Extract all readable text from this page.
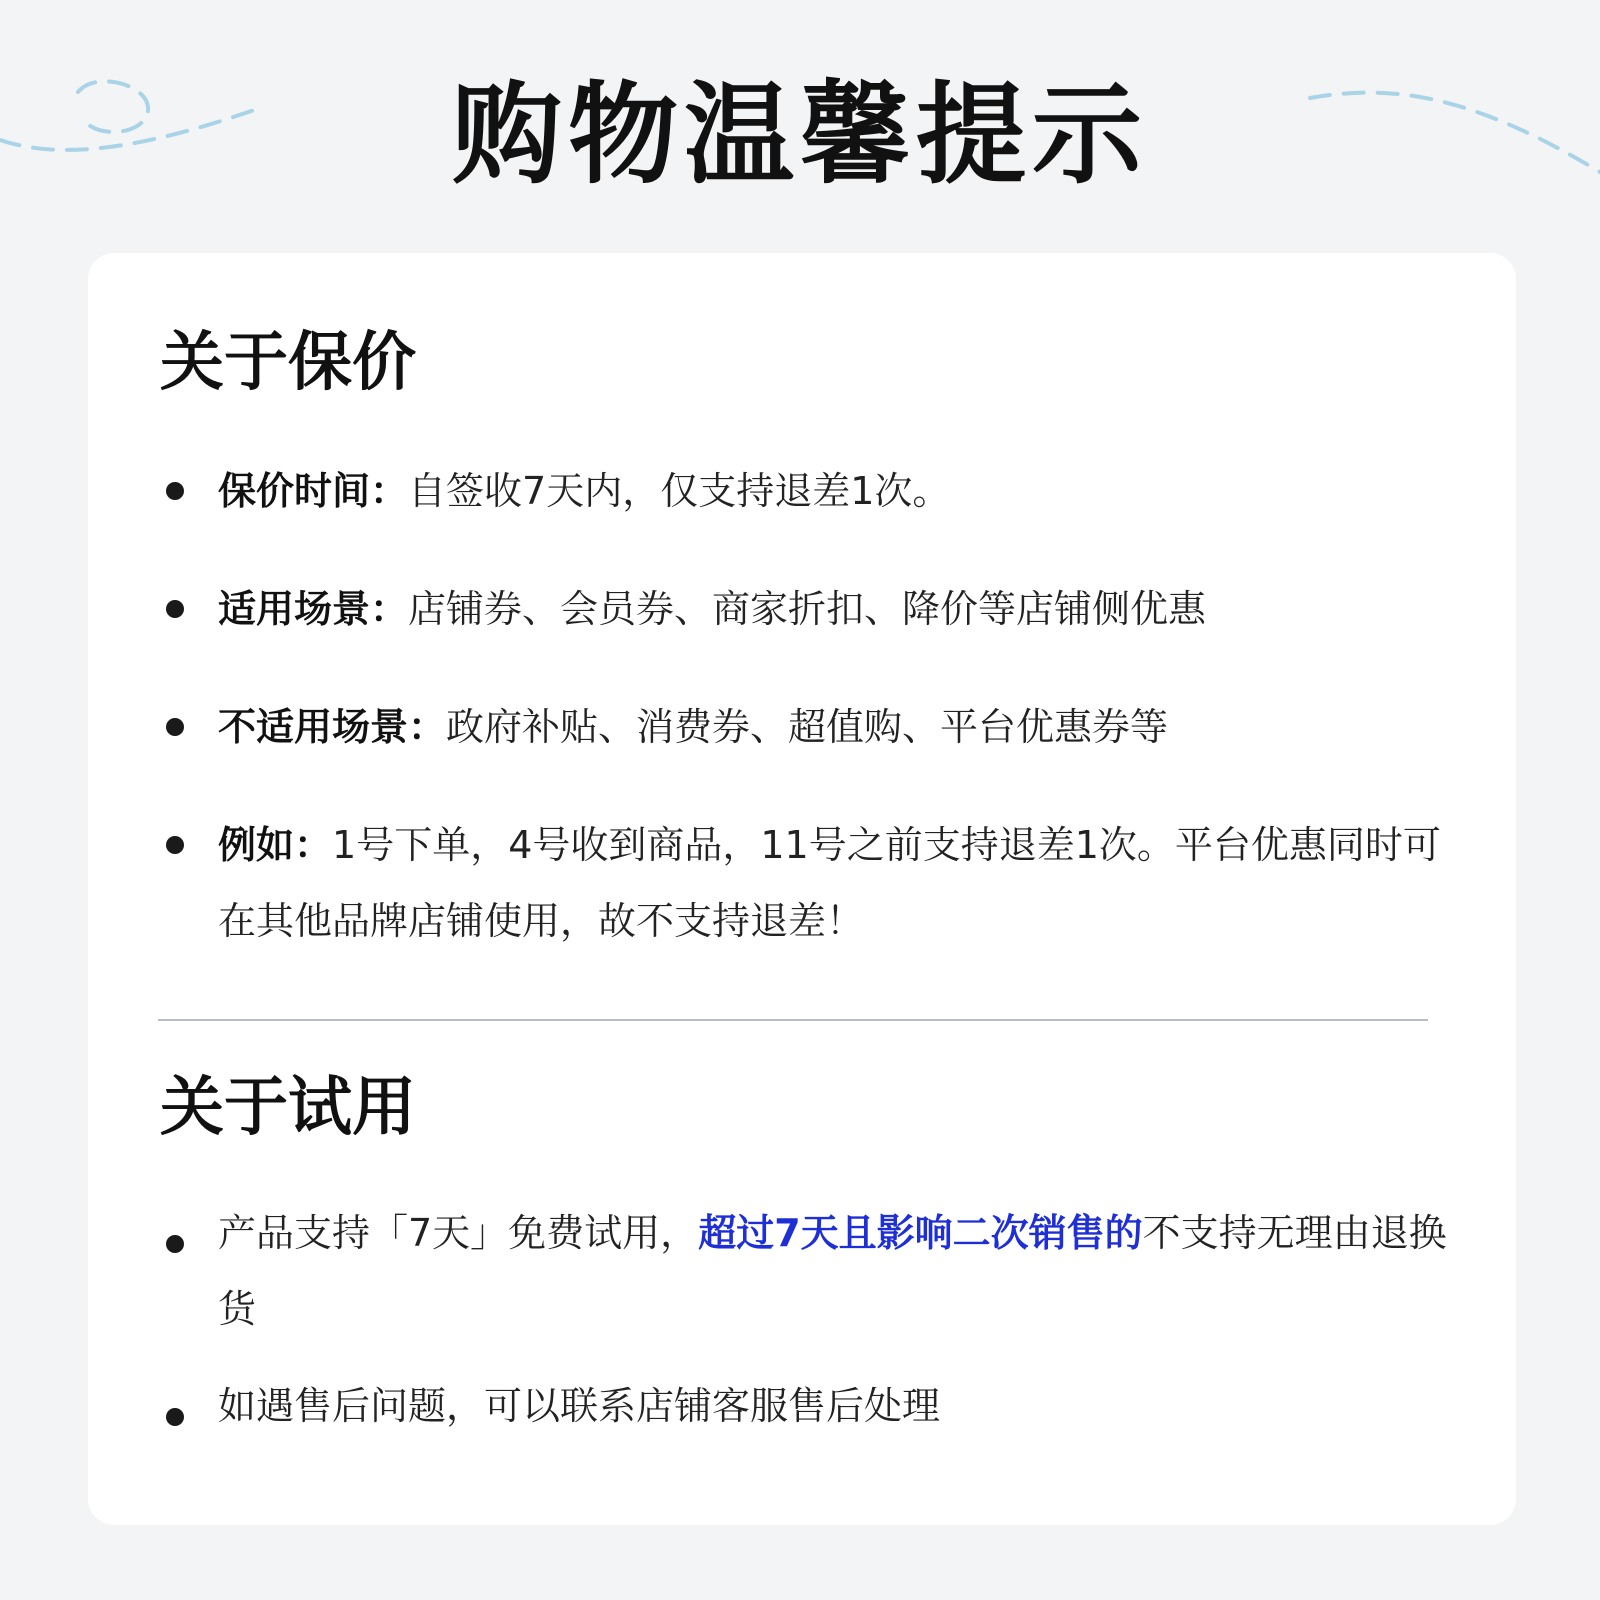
购物温馨提示
关于保价
保价时间：自签收7天内，仅支持退差1次。
适用场景：店铺券、会员券、商家折扣、降价等店铺侧优惠
不适用场景：政府补贴、消费券、超值购、平台优惠券等
例如：1号下单，4号收到商品，11号之前支持退差1次。平台优惠同时可在其他品牌店铺使用，故不支持退差！
关于试用
产品支持「7天」免费试用，超过7天且影响二次销售的不支持无理由退换货
如遇售后问题，可以联系店铺客服售后处理
